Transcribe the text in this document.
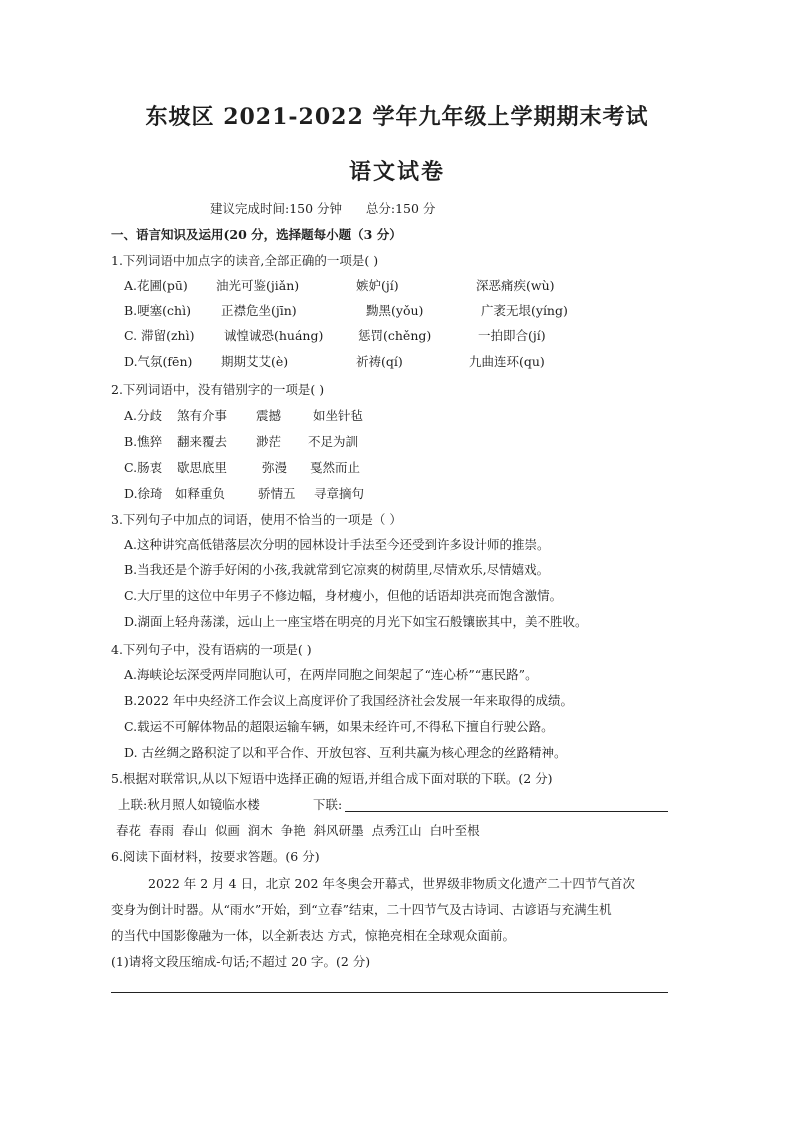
东坡区 2021-2022 学年九年级上学期期末考试
语文试卷
建议完成时间:150 分钟      总分:150 分
一、语言知识及运用(20 分，选择题每小题（3 分）
1.下列词语中加点字的读音,全部正确的一项是( )
A.花圃(pū) 油光可鉴(jiǎn)	嫉妒(jí)	深恶痛疾(wù)
B.哽塞(chì) 正襟危坐(jīn)	黝黑(yǒu)	广袤无垠(yíng)
C. 滞留(zhì) 诚惶诚恐(huáng)	惩罚(chěng)	一拍即合(jí)
D.气氛(fēn) 期期艾艾(è)	祈祷(qí)	九曲连环(qu)
2.下列词语中，没有错别字的一项是( )
A.分歧 煞有介事 震撼	如坐针毡
B.憔猝 翻来覆去 渺茫 不足为訓
C.肠衷 歇思底里	弥漫 戛然而止
D.徐琦 如释重负	骄情五 寻章摘句
3.下列句子中加点的词语，使用不恰当的一项是（ ）
A.这种讲究高低错落层次分明的园林设计手法至今还受到许多设计师的推崇。
B.当我还是个游手好闲的小孩,我就常到它凉爽的树荫里,尽情欢乐,尽情嬉戏。
C.大厅里的这位中年男子不修边幅，身材瘦小，但他的话语却洪亮而饱含激情。
D.湖面上轻舟荡漾，远山上一座宝塔在明亮的月光下如宝石般镶嵌其中，美不胜收。
4.下列句子中，没有语病的一项是( )
A.海峡论坛深受两岸同胞认可，在两岸同胞之间架起了“连心桥”“惠民路”。
B.2022 年中央经济工作会议上高度评价了我国经济社会发展一年来取得的成绩。
C.载运不可解体物品的超限运输车辆，如果未经许可,不得私下擅自行驶公路。
D. 古丝绸之路积淀了以和平合作、开放包容、互利共赢为核心理念的丝路精神。
5.根据对联常识,从以下短语中选择正确的短语,并组合成下面对联的下联。(2 分)
上联:秋月照人如镜临水楼	下联:
春花  春雨  春山  似画  润木  争艳  斜风研墨  点秀江山  白叶至根
6.阅读下面材料，按要求答题。(6 分)
2022 年 2 月 4 日，北京 202 年冬奥会开幕式，世界级非物质文化遗产二十四节气首次
变身为倒计时器。从“雨水”开始，到“立春”结束，二十四节气及古诗词、古谚语与充满生机
的当代中国影像融为一体，以全新表达 方式，惊艳亮相在全球观众面前。
(1)请将文段压缩成-句话;不超过 20 字。(2 分)
